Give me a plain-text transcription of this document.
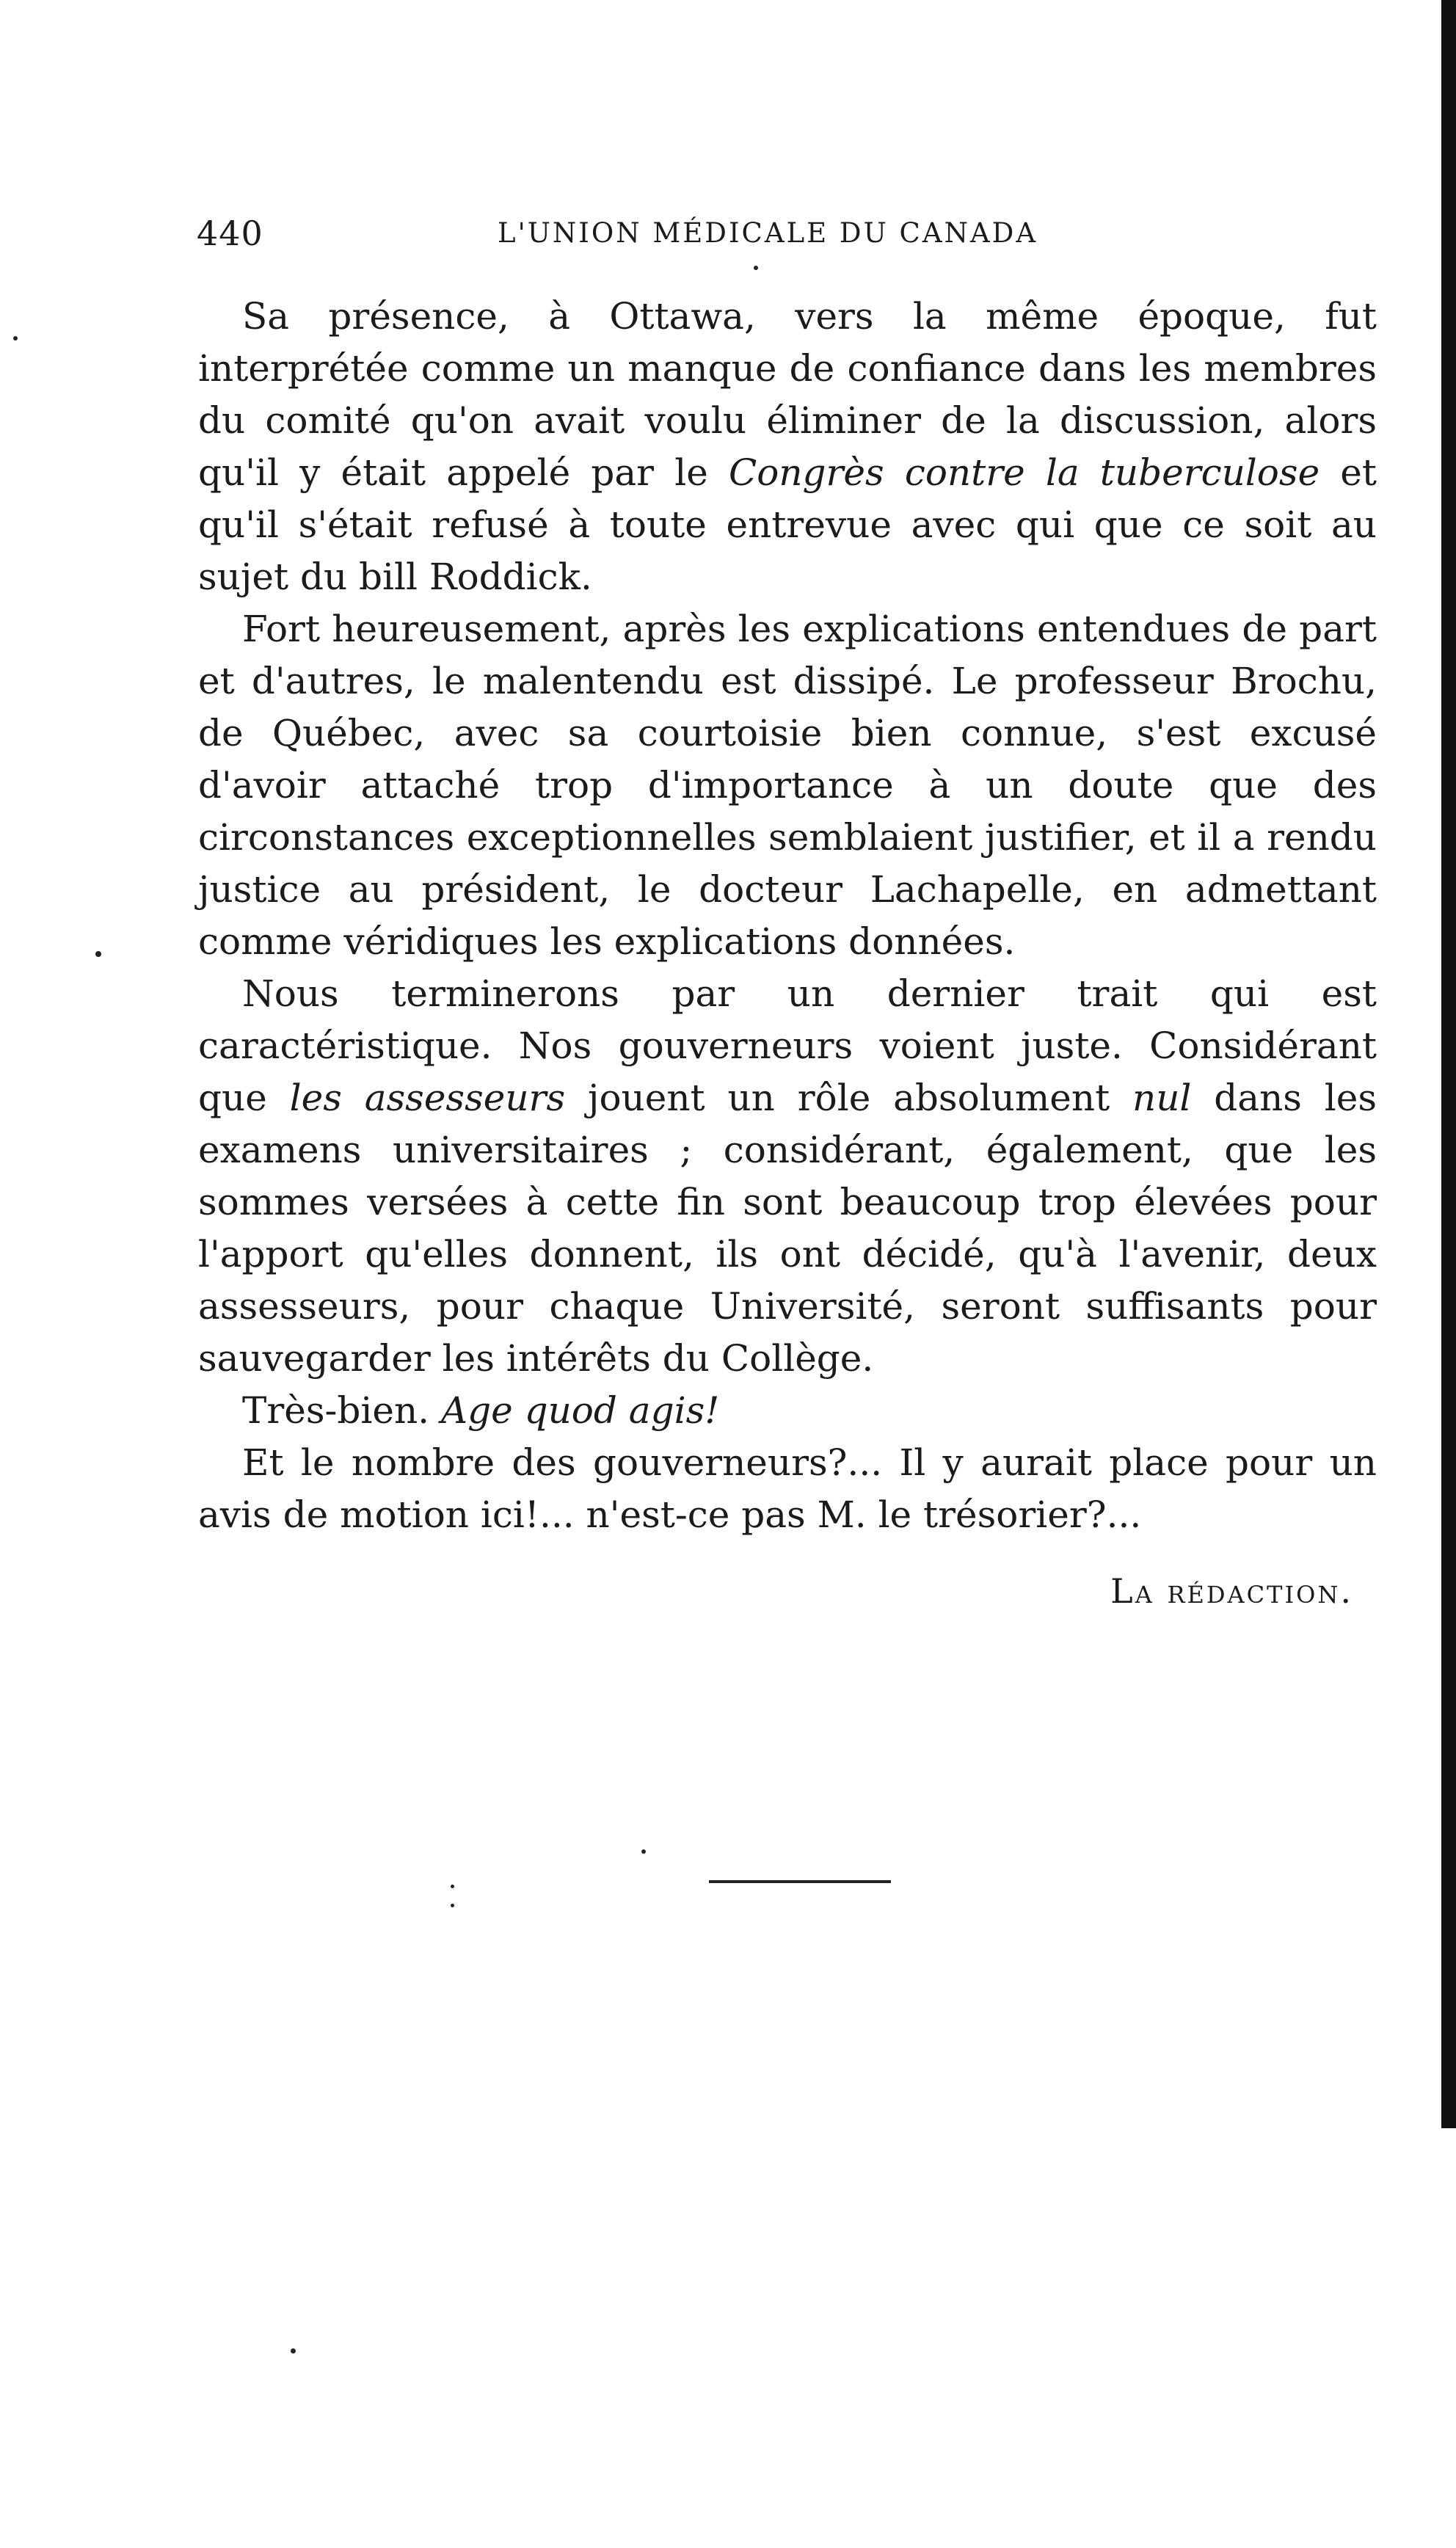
440	L'UNION MÉDICALE DU CANADA

Sa présence, à Ottawa, vers la même époque, fut interprétée comme un manque de confiance dans les membres du comité qu'on avait voulu éliminer de la discussion, alors qu'il y était appelé par le Congrès contre la tuberculose et qu'il s'était refusé à toute entrevue avec qui que ce soit au sujet du bill Roddick.

Fort heureusement, après les explications entendues de part et d'autres, le malentendu est dissipé. Le professeur Brochu, de Québec, avec sa courtoisie bien connue, s'est excusé d'avoir attaché trop d'importance à un doute que des circonstances exceptionnelles semblaient justifier, et il a rendu justice au président, le docteur Lachapelle, en admettant comme véridiques les explications données.

Nous terminerons par un dernier trait qui est caractéristique. Nos gouverneurs voient juste. Considérant que les assesseurs jouent un rôle absolument nul dans les examens universitaires ; considérant, également, que les sommes versées à cette fin sont beaucoup trop élevées pour l'apport qu'elles donnent, ils ont décidé, qu'à l'avenir, deux assesseurs, pour chaque Université, seront suffisants pour sauvegarder les intérêts du Collège.

Très-bien. Age quod agis!

Et le nombre des gouverneurs?... Il y aurait place pour un avis de motion ici!... n'est-ce pas M. le trésorier?...

La rédaction.
